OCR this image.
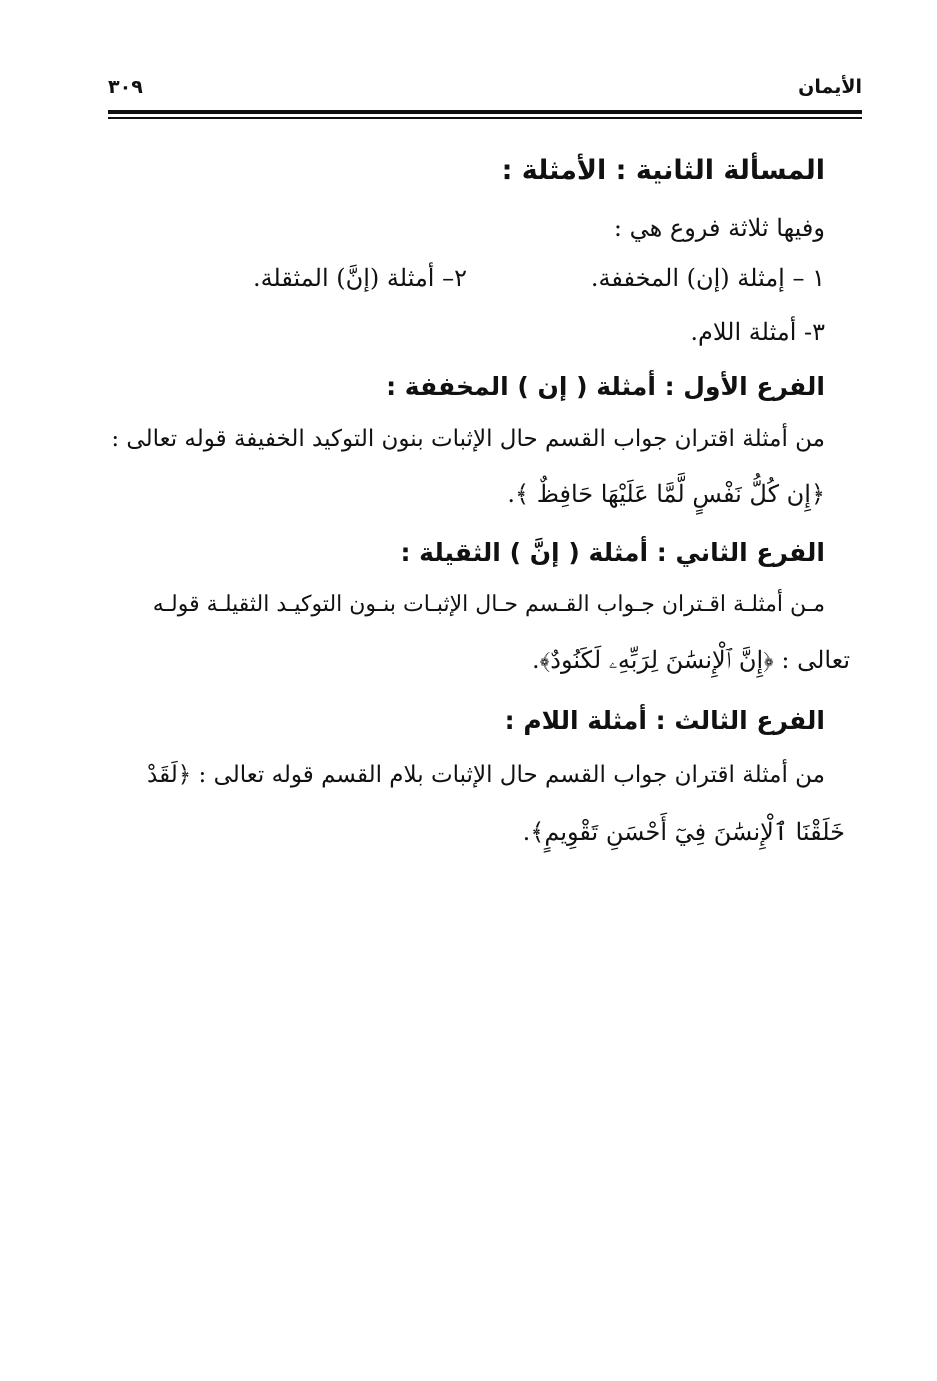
الأيمان
٣٠٩
المسألة الثانية : الأمثلة :
وفيها ثلاثة فروع هي :
١ – إمثلة (إن) المخففة.
٢– أمثلة (إنَّ) المثقلة.
٣- أمثلة اللام.
الفرع الأول : أمثلة ( إن ) المخففة :
من أمثلة اقتران جواب القسم حال الإثبات بنون التوكيد الخفيفة قوله تعالى :
﴿إِن كُلُّ نَفْسٍ لَّمَّا عَلَيْهَا حَافِظٌ ﴾.
الفرع الثاني : أمثلة ( إنَّ ) الثقيلة :
مـن أمثلـة اقـتران جـواب القـسم حـال الإثبـات بنـون التوكيـد الثقيلـة قولـه
تعالى : ﴿إِنَّ ٱلْإِنسَٰنَ لِرَبِّهِۦ لَكَنُودٌ﴾.
الفرع الثالث : أمثلة اللام :
من أمثلة اقتران جواب القسم حال الإثبات بلام القسم قوله تعالى : ﴿لَقَدْ
خَلَقْنَا ٱلْإِنسَٰنَ فِيٓ أَحْسَنِ تَقْوِيمٍ﴾.
